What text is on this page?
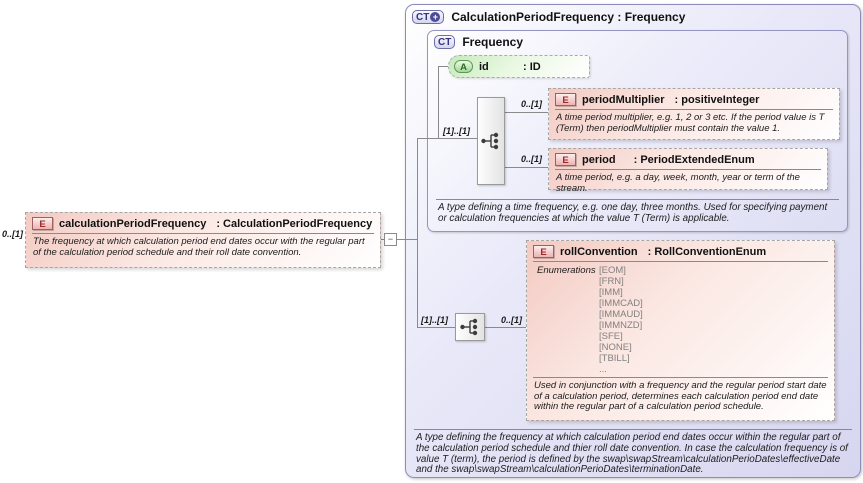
CT + CalculationPeriodFrequency : Frequency
A type defining the frequency at which calculation period end dates occur within the regular part of the calculation period schedule and thier roll date convention. In case the calculation frequency is of value T (term), the period is defined by the swap\swapStream\calculationPerioDates\effectiveDate and the swap\swapStream\calculationPerioDates\terminationDate.
CT Frequency
A type defining a time frequency, e.g. one day, three months. Used for specifying payment or calculation frequencies at which the value T (Term) is applicable.
A	id	: ID
E	periodMultiplier : positiveInteger
A time period multiplier, e.g. 1, 2 or 3 etc. If the period value is T (Term) then periodMultiplier must contain the value 1.
E	period : PeriodExtendedEnum
A time period, e.g. a day, week, month, year or term of the stream.
E	rollConvention : RollConventionEnum
Enumerations [EOM]
[FRN]
[IMM]
[IMMCAD]
[IMMAUD]
[IMMNZD]
[SFE]
[NONE]
[TBILL]
...
Used in conjunction with a frequency and the regular period start date of a calculation period, determines each calculation period end date within the regular part of a calculation period schedule.
E	calculationPeriodFrequency : CalculationPeriodFrequency
The frequency at which calculation period end dates occur with the regular part of the calculation period schedule and their roll date convention.
−
0..[1]
[1]..[1]
0..[1]
0..[1]
[1]..[1]	0..[1]
